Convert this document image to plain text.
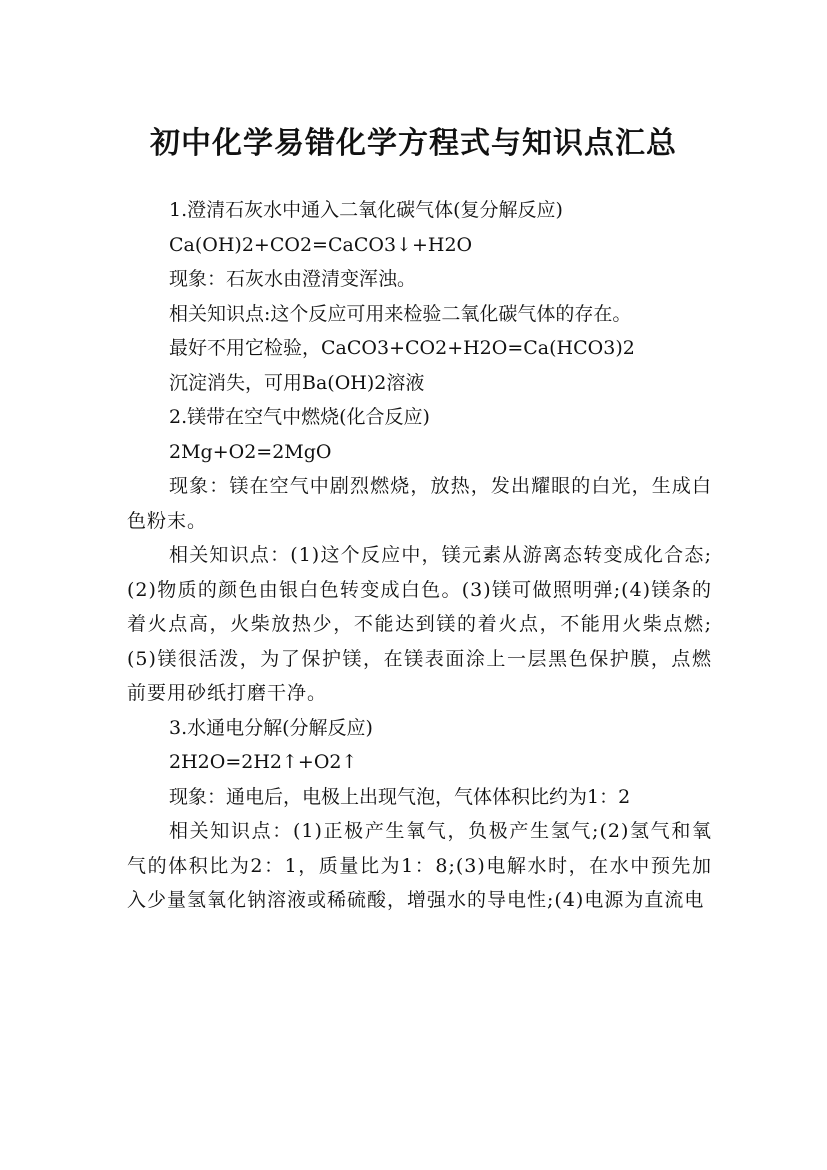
初中化学易错化学方程式与知识点汇总

1.澄清石灰水中通入二氧化碳气体(复分解反应)

Ca(OH)2+CO2=CaCO3↓+H2O

现象：石灰水由澄清变浑浊。

相关知识点:这个反应可用来检验二氧化碳气体的存在。

最好不用它检验，CaCO3+CO2+H2O=Ca(HCO3)2

沉淀消失，可用Ba(OH)2溶液

2.镁带在空气中燃烧(化合反应)

2Mg+O2=2MgO

现象：镁在空气中剧烈燃烧，放热，发出耀眼的白光，生成白色粉末。

相关知识点：(1)这个反应中，镁元素从游离态转变成化合态;(2)物质的颜色由银白色转变成白色。(3)镁可做照明弹;(4)镁条的着火点高，火柴放热少，不能达到镁的着火点，不能用火柴点燃;(5)镁很活泼，为了保护镁，在镁表面涂上一层黑色保护膜，点燃前要用砂纸打磨干净。

3.水通电分解(分解反应)

2H2O=2H2↑+O2↑

现象：通电后，电极上出现气泡，气体体积比约为1：2

相关知识点：(1)正极产生氧气，负极产生氢气;(2)氢气和氧气的体积比为2：1，质量比为1：8;(3)电解水时，在水中预先加入少量氢氧化钠溶液或稀硫酸，增强水的导电性;(4)电源为直流电
